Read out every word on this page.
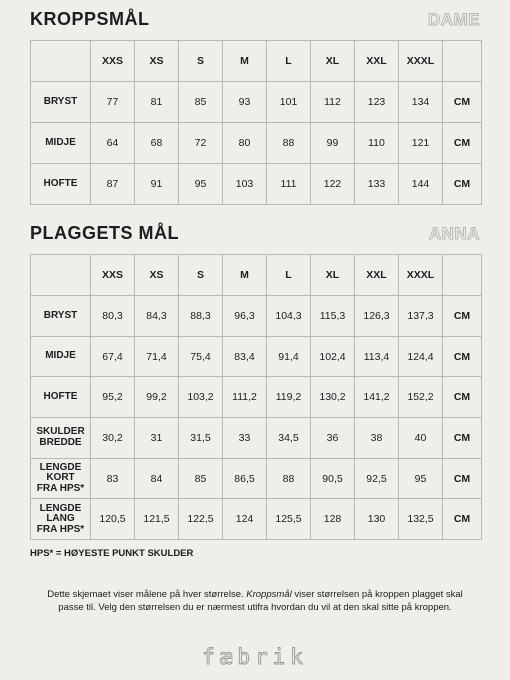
KROPPSMÅL	DAME
	XXS	XS	S	M	L	XL	XXL	XXXL	
BRYST	77	81	85	93	101	112	123	134	CM
MIDJE	64	68	72	80	88	99	110	121	CM
HOFTE	87	91	95	103	111	122	133	144	CM
PLAGGETS MÅL	ANNA
	XXS	XS	S	M	L	XL	XXL	XXXL	
BRYST	80,3	84,3	88,3	96,3	104,3	115,3	126,3	137,3	CM
MIDJE	67,4	71,4	75,4	83,4	91,4	102,4	113,4	124,4	CM
HOFTE	95,2	99,2	103,2	111,2	119,2	130,2	141,2	152,2	CM
SKULDER
BREDDE	30,2	31	31,5	33	34,5	36	38	40	CM
LENGDE
KORT
FRA HPS*	83	84	85	86,5	88	90,5	92,5	95	CM
LENGDE
LANG
FRA HPS*	120,5	121,5	122,5	124	125,5	128	130	132,5	CM
HPS* = HØYESTE PUNKT SKULDER
Dette skjemaet viser målene på hver størrelse. Kroppsmål viser størrelsen på kroppen plagget skal passe til. Velg den størrelsen du er nærmest utifra hvordan du vil at den skal sitte på kroppen.
fæbrik
